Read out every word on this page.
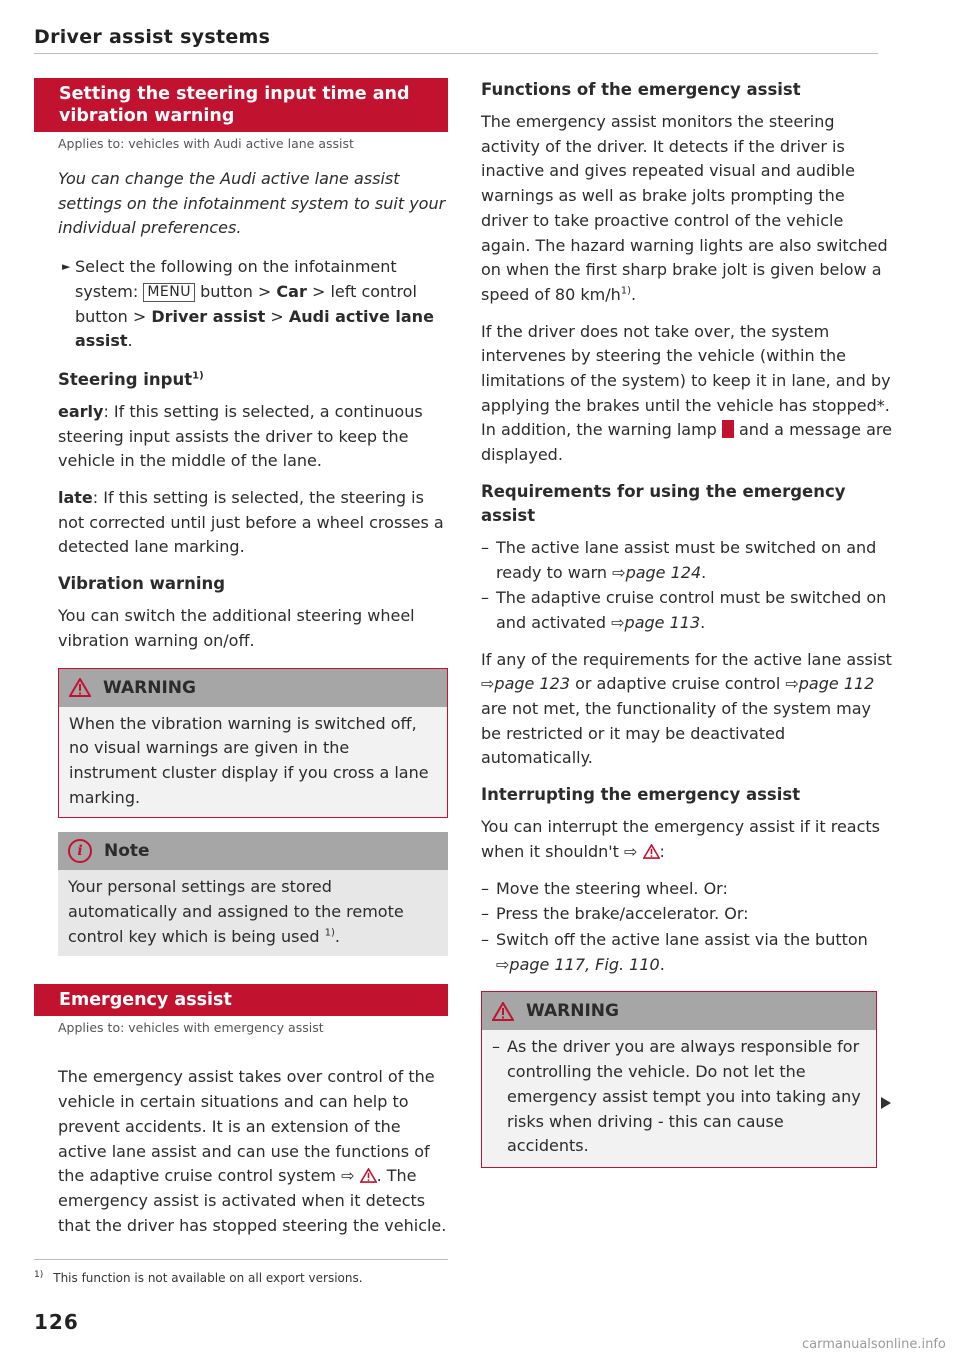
Driver assist systems
Setting the steering input time and vibration warning
Applies to: vehicles with Audi active lane assist

You can change the Audi active lane assist settings on the infotainment system to suit your individual preferences.

► Select the following on the infotainment system: MENU button > Car > left control button > Driver assist > Audi active lane assist.
Steering input$^{1)}$

early: If this setting is selected, a continuous steering input assists the driver to keep the vehicle in the middle of the lane.

late: If this setting is selected, the steering is not corrected until just before a wheel crosses a detected lane marking.

Vibration warning

You can switch the additional steering wheel vibration warning on/off.

WARNING
When the vibration warning is switched off, no visual warnings are given in the instrument cluster display if you cross a lane marking.
i	Note
Your personal settings are stored automatically and assigned to the remote control key which is being used $^{1)}$.
Emergency assist
Applies to: vehicles with emergency assist

The emergency assist takes over control of the vehicle in certain situations and can help to prevent accidents. It is an extension of the active lane assist and can use the functions of the adaptive cruise control system ⇨ . The emergency assist is activated when it detects that the driver has stopped steering the vehicle.

$^{1)}$ This function is not available on all export versions.
126
Functions of the emergency assist

The emergency assist monitors the steering activity of the driver. It detects if the driver is inactive and gives repeated visual and audible warnings as well as brake jolts prompting the driver to take proactive control of the vehicle again. The hazard warning lights are also switched on when the first sharp brake jolt is given below a speed of 80 $km/h^{1)}$.

If the driver does not take over, the system intervenes by steering the vehicle (within the limitations of the system) to keep it in lane, and by applying the brakes until the vehicle has stopped*. In addition, the warning lamp  and a message are displayed.

Requirements for using the emergency assist
– The active lane assist must be switched on and ready to warn ⇨page 124.
– The adaptive cruise control must be switched on and activated ⇨page 113.

If any of the requirements for the active lane assist ⇨page 123 or adaptive cruise control ⇨page 112 are not met, the functionality of the system may be restricted or it may be deactivated automatically.

Interrupting the emergency assist

You can interrupt the emergency assist if it reacts when it shouldn't ⇨ :

– Move the steering wheel. Or:
– Press the brake/accelerator. Or:
– Switch off the active lane assist via the button ⇨page 117, Fig. 110.
WARNING
– As the driver you are always responsible for controlling the vehicle. Do not let the emergency assist tempt you into taking any risks when driving - this can cause accidents.
carmanualsonline.info
